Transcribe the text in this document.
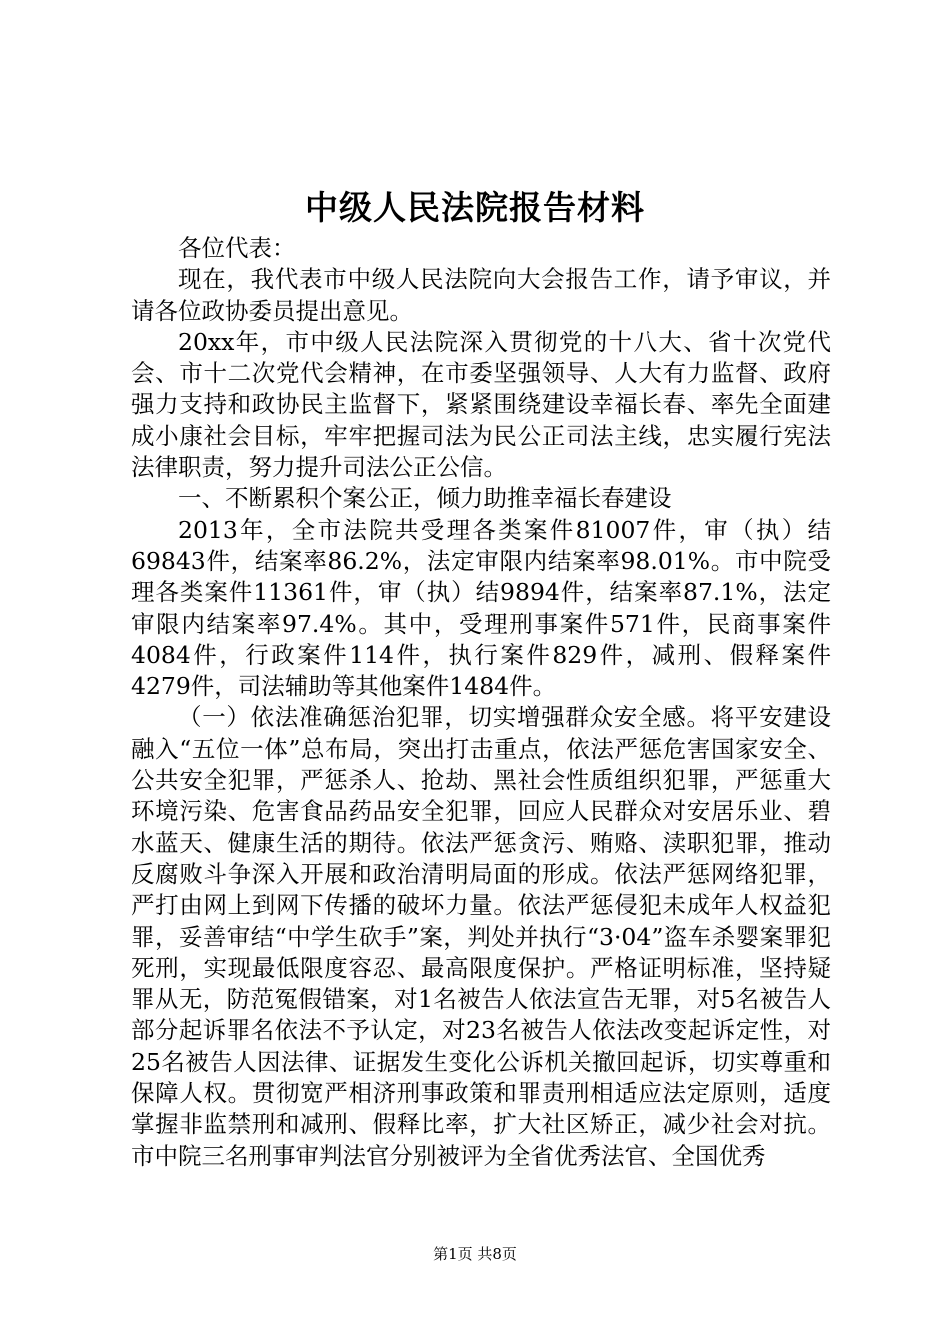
中级人民法院报告材料

各位代表：

现在，我代表市中级人民法院向大会报告工作，请予审议，并请各位政协委员提出意见。

20xx年，市中级人民法院深入贯彻党的十八大、省十次党代会、市十二次党代会精神，在市委坚强领导、人大有力监督、政府强力支持和政协民主监督下，紧紧围绕建设幸福长春、率先全面建成小康社会目标，牢牢把握司法为民公正司法主线，忠实履行宪法法律职责，努力提升司法公正公信。

一、不断累积个案公正，倾力助推幸福长春建设

2013年，全市法院共受理各类案件81007件，审（执）结69843件，结案率86.2%，法定审限内结案率98.01%。市中院受理各类案件11361件，审（执）结9894件，结案率87.1%，法定审限内结案率97.4%。其中，受理刑事案件571件，民商事案件4084件，行政案件114件，执行案件829件，减刑、假释案件4279件，司法辅助等其他案件1484件。

（一）依法准确惩治犯罪，切实增强群众安全感。将平安建设融入“五位一体”总布局，突出打击重点，依法严惩危害国家安全、公共安全犯罪，严惩杀人、抢劫、黑社会性质组织犯罪，严惩重大环境污染、危害食品药品安全犯罪，回应人民群众对安居乐业、碧水蓝天、健康生活的期待。依法严惩贪污、贿赂、渎职犯罪，推动反腐败斗争深入开展和政治清明局面的形成。依法严惩网络犯罪，严打由网上到网下传播的破坏力量。依法严惩侵犯未成年人权益犯罪，妥善审结“中学生砍手”案，判处并执行“3·04”盗车杀婴案罪犯死刑，实现最低限度容忍、最高限度保护。严格证明标准，坚持疑罪从无，防范冤假错案，对1名被告人依法宣告无罪，对5名被告人部分起诉罪名依法不予认定，对23名被告人依法改变起诉定性，对25名被告人因法律、证据发生变化公诉机关撤回起诉，切实尊重和保障人权。贯彻宽严相济刑事政策和罪责刑相适应法定原则，适度掌握非监禁刑和减刑、假释比率，扩大社区矫正，减少社会对抗。市中院三名刑事审判法官分别被评为全省优秀法官、全国优秀

第1页 共8页
